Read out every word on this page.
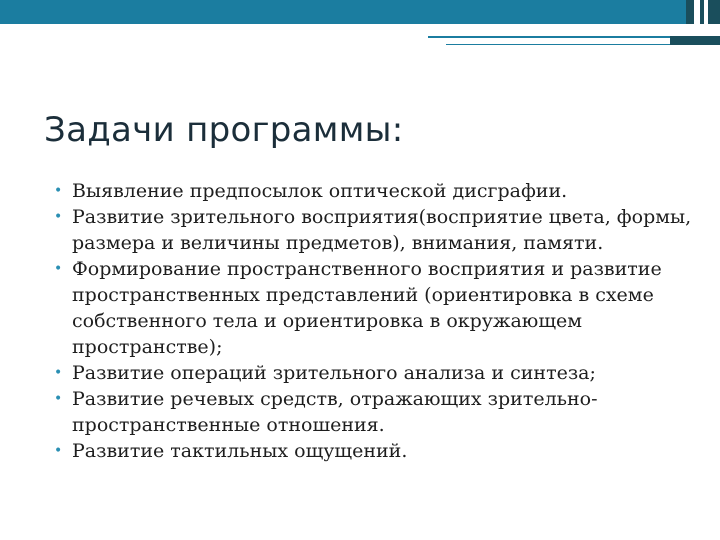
Задачи программы:
• Выявление предпосылок оптической дисграфии.
• Развитие зрительного восприятия(восприятие цвета, формы, размера и величины предметов), внимания, памяти.
• Формирование пространственного восприятия и развитие пространственных представлений (ориентировка в схеме собственного тела и ориентировка в окружающем пространстве);
• Развитие операций зрительного анализа и синтеза;
• Развитие речевых средств, отражающих зрительно-пространственные отношения.
• Развитие тактильных ощущений.
